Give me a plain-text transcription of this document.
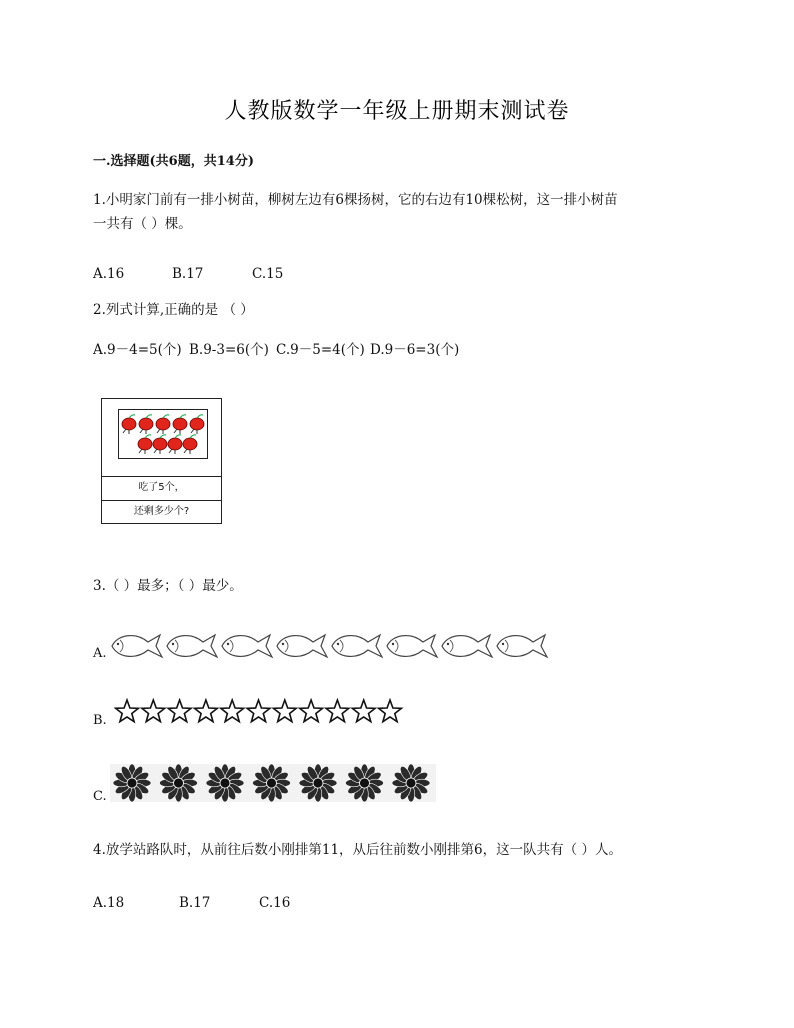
人教版数学一年级上册期末测试卷
一.选择题(共6题，共14分)
1.小明家门前有一排小树苗，柳树左边有6棵扬树，它的右边有10棵松树，这一排小树苗
一共有（ ）棵。
A.16	B.17	C.15
2.列式计算,正确的是 （ ）
A.9－4=5(个) B.9-3=6(个) C.9－5=4(个) D.9－6=3(个)
吃了5个，
还剩多少个?
3.（ ）最多；（ ）最少。
A.
B.
C.
4.放学站路队时，从前往后数小刚排第11，从后往前数小刚排第6，这一队共有（ ）人。
A.18	B.17	C.16
